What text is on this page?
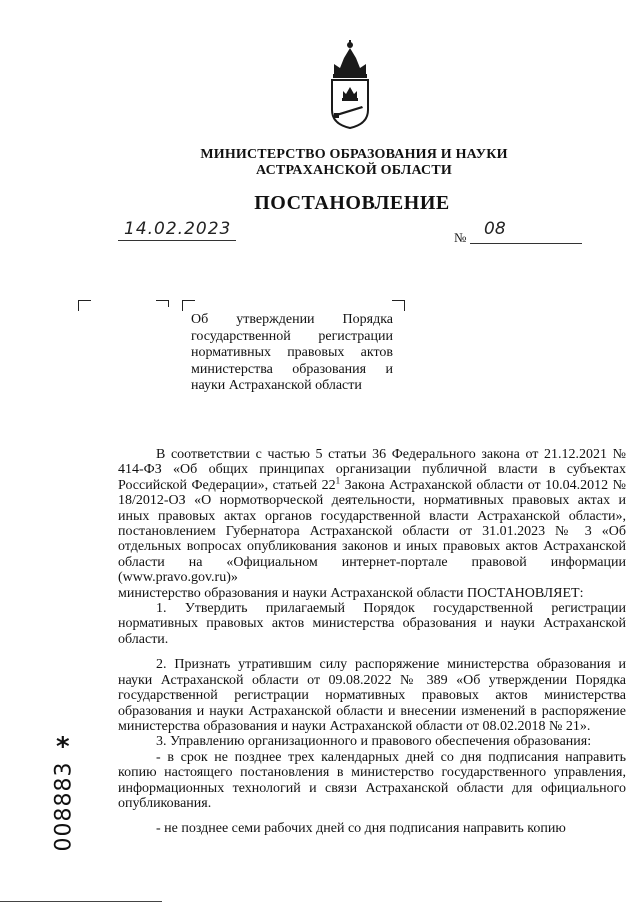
МИНИСТЕРСТВО ОБРАЗОВАНИЯ И НАУКИ
АСТРАХАНСКОЙ ОБЛАСТИ
ПОСТАНОВЛЕНИЕ
14.02.2023	№ 08
Об утверждении Порядка государственной регистрации нормативных правовых актов министерства образования и науки Астраханской области

В соответствии с частью 5 статьи 36 Федерального закона от 21.12.2021 № 414-ФЗ «Об общих принципах организации публичной власти в субъектах Российской Федерации», статьей $22^1$ Закона Астраханской области от 10.04.2012 № 18/2012-ОЗ «О нормотворческой деятельности, нормативных правовых актах и иных правовых актах органов государственной власти Астраханской области», постановлением Губернатора Астраханской области от 31.01.2023 № 3 «Об отдельных вопросах опубликования законов и иных правовых актов Астраханской области на «Официальном интернет-портале правовой информации (www.pravo.gov.ru)»

министерство образования и науки Астраханской области ПОСТАНОВЛЯЕТ:

1. Утвердить прилагаемый Порядок государственной регистрации нормативных правовых актов министерства образования и науки Астраханской области.

2. Признать утратившим силу распоряжение министерства образования и науки Астраханской области от 09.08.2022 № 389 «Об утверждении Порядка государственной регистрации нормативных правовых актов министерства образования и науки Астраханской области и внесении изменений в распоряжение министерства образования и науки Астраханской области от 08.02.2018 № 21».

3. Управлению организационного и правового обеспечения образования:

- в срок не позднее трех календарных дней со дня подписания направить копию настоящего постановления в министерство государственного управления, информационных технологий и связи Астраханской области для официального опубликования.

- не позднее семи рабочих дней со дня подписания направить копию

*
008883
